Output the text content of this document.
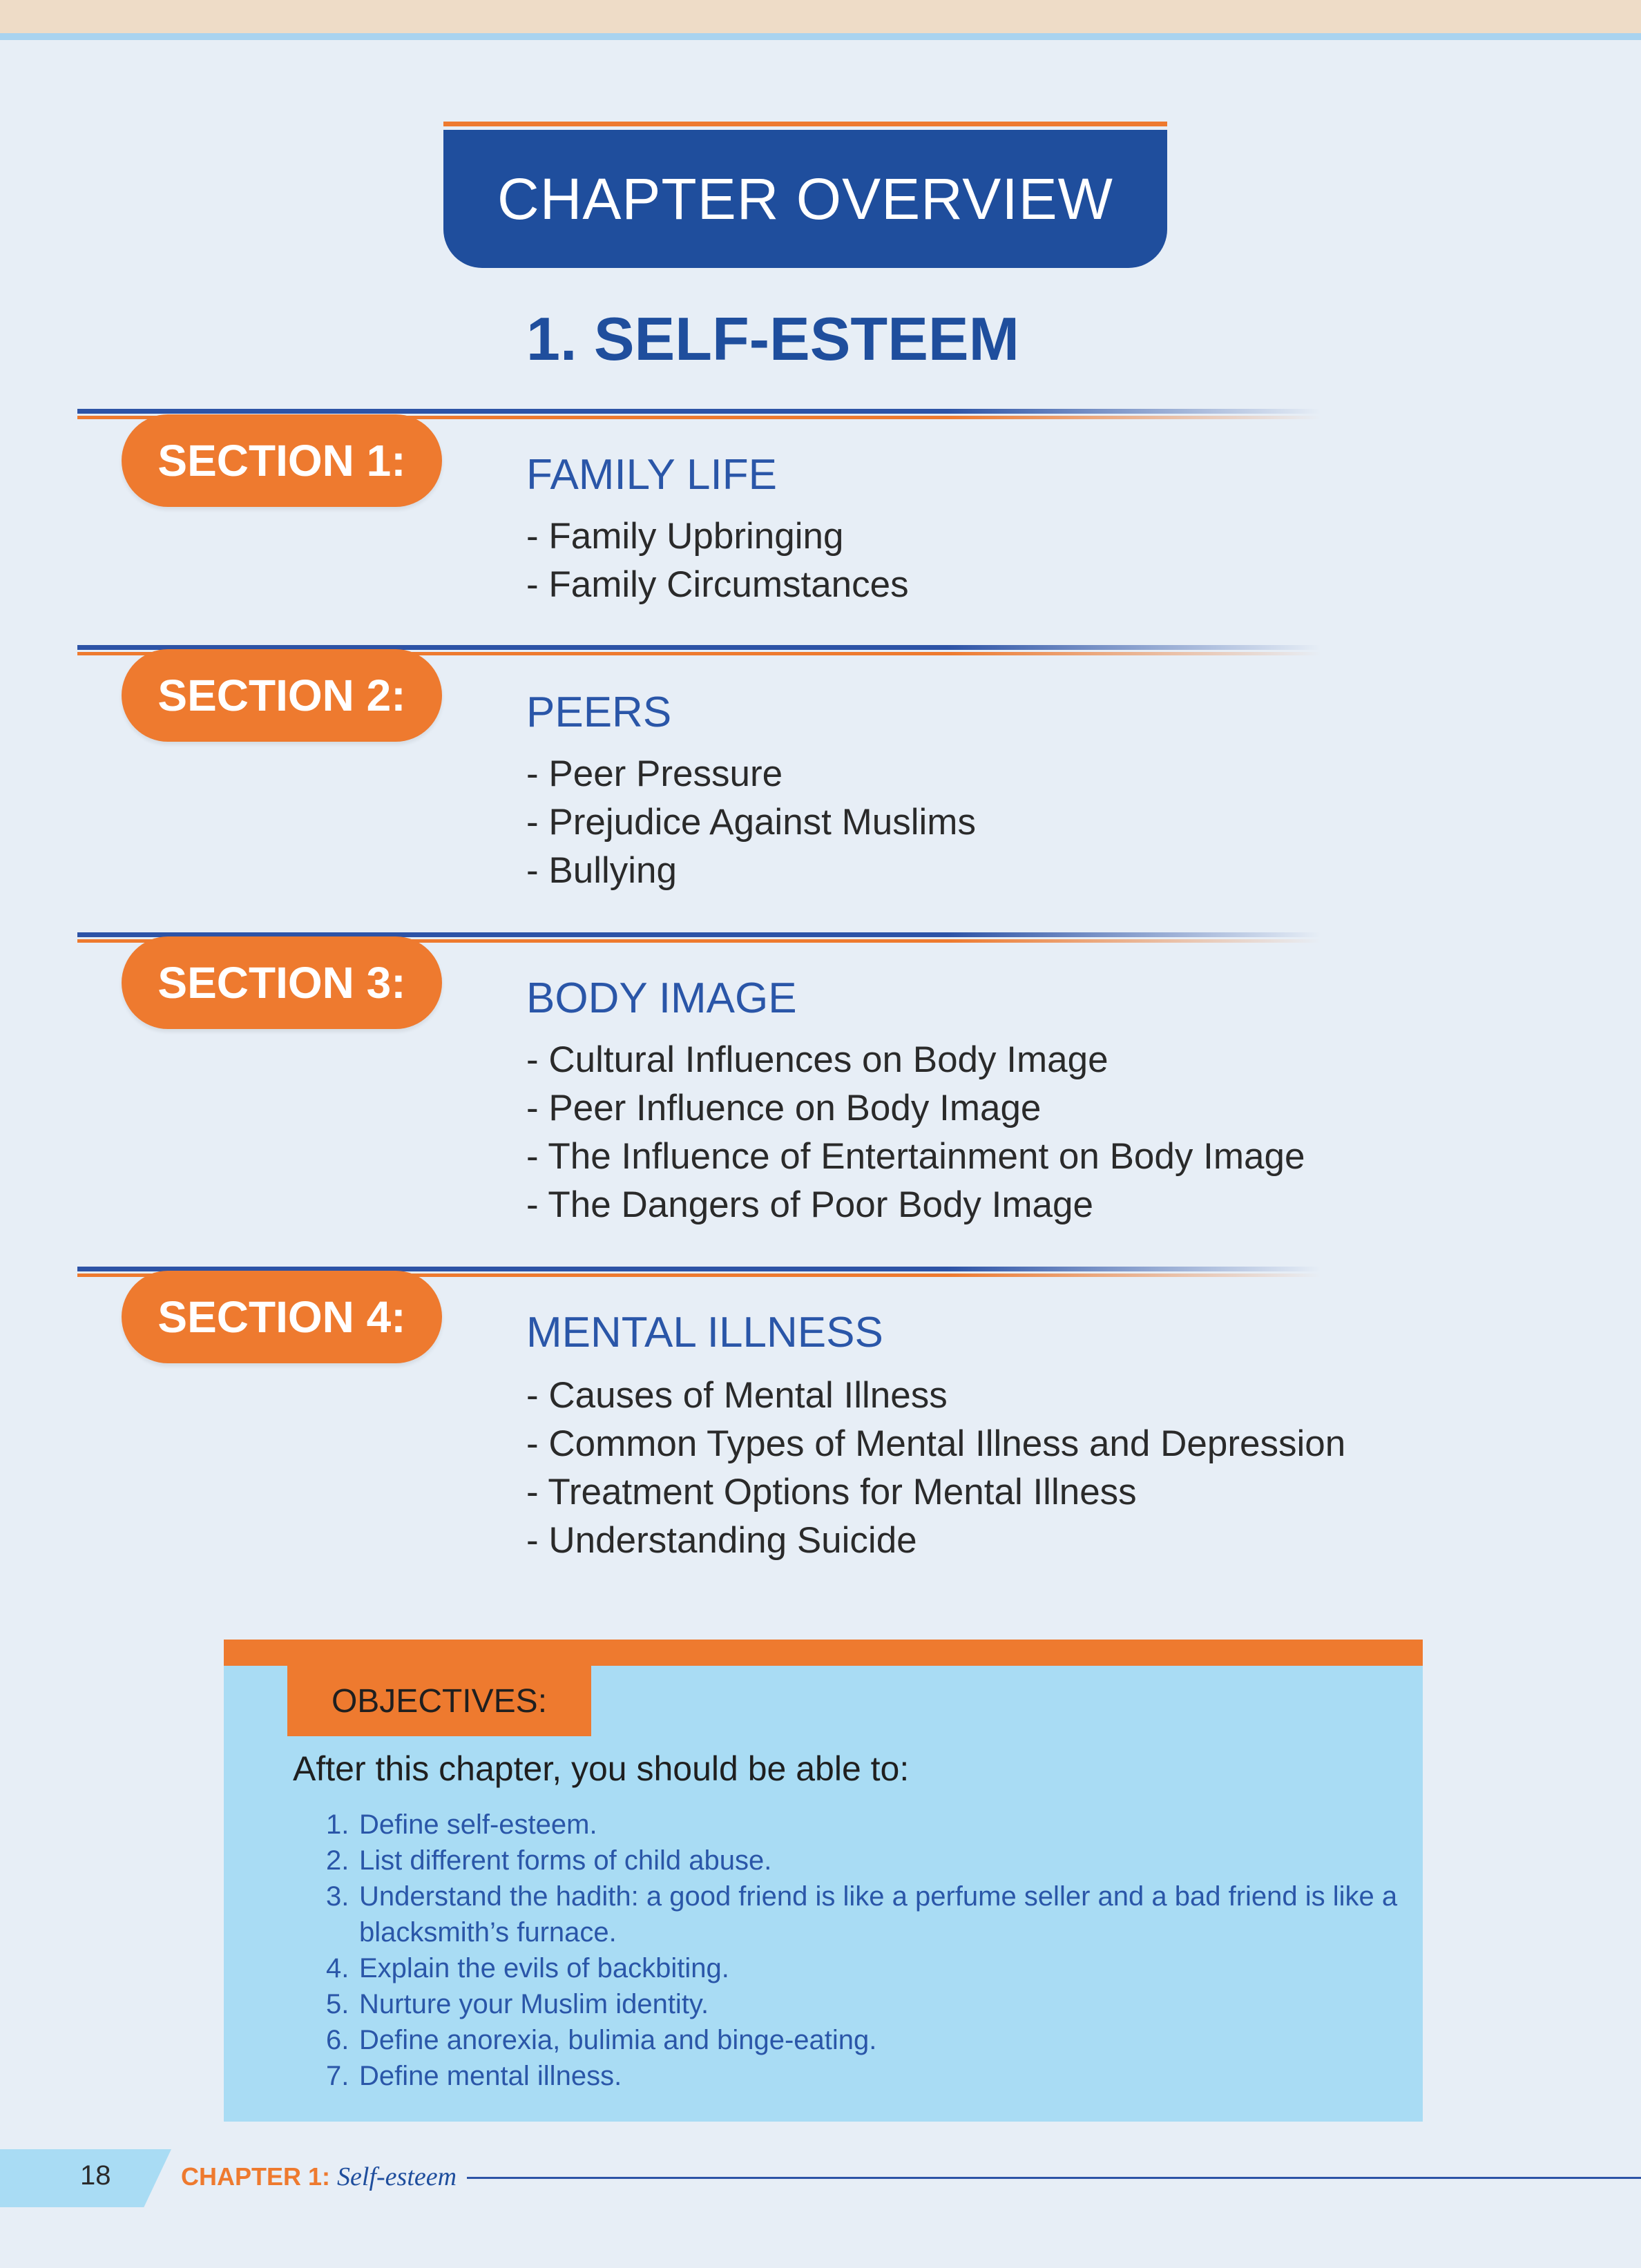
CHAPTER OVERVIEW
1. SELF-ESTEEM
SECTION 1:	FAMILY LIFE
- Family Upbringing
- Family Circumstances
SECTION 2:	PEERS
- Peer Pressure
- Prejudice Against Muslims
- Bullying
SECTION 3:	BODY IMAGE
- Cultural Influences on Body Image
- Peer Influence on Body Image
- The Influence of Entertainment on Body Image
- The Dangers of Poor Body Image
SECTION 4:	MENTAL ILLNESS
- Causes of Mental Illness
- Common Types of Mental Illness and Depression
- Treatment Options for Mental Illness
- Understanding Suicide
OBJECTIVES:
After this chapter, you should be able to:
1. Define self-esteem.
2. List different forms of child abuse.
3. Understand the hadith: a good friend is like a perfume seller and a bad friend is like a blacksmith’s furnace.
4. Explain the evils of backbiting.
5. Nurture your Muslim identity.
6. Define anorexia, bulimia and binge-eating.
7. Define mental illness.
18	CHAPTER 1: Self-esteem
